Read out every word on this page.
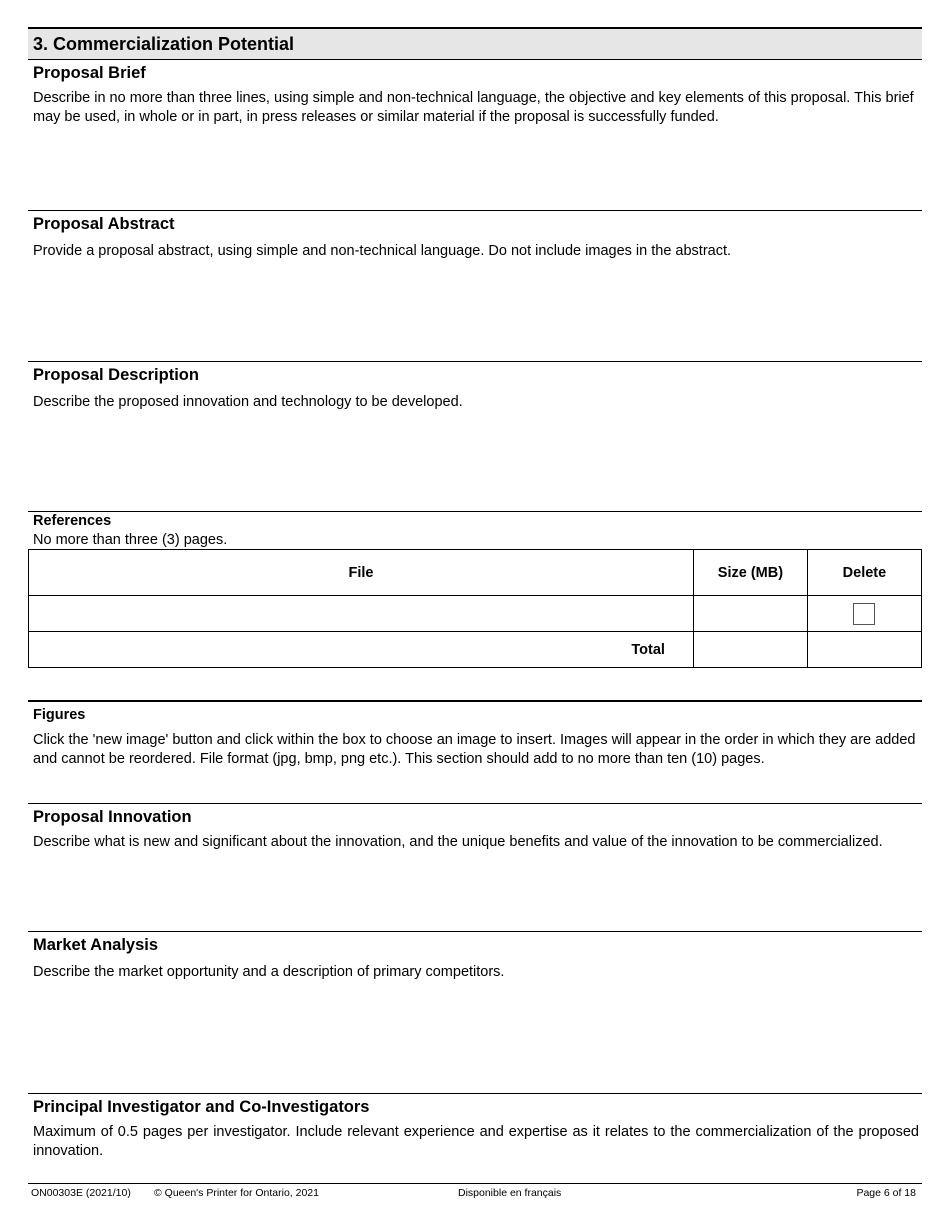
3. Commercialization Potential
Proposal Brief

Describe in no more than three lines, using simple and non-technical language, the objective and key elements of this proposal. This brief may be used, in whole or in part, in press releases or similar material if the proposal is successfully funded.

Proposal Abstract

Provide a proposal abstract, using simple and non-technical language. Do not include images in the abstract.

Proposal Description

Describe the proposed innovation and technology to be developed.

References

No more than three (3) pages.

File	Size (MB)	Delete

Total		
Figures

Click the 'new image' button and click within the box to choose an image to insert. Images will appear in the order in which they are added and cannot be reordered. File format (jpg, bmp, png etc.). This section should add to no more than ten (10) pages.

Proposal Innovation

Describe what is new and significant about the innovation, and the unique benefits and value of the innovation to be commercialized.

Market Analysis

Describe the market opportunity and a description of primary competitors.

Principal Investigator and Co-Investigators

Maximum of 0.5 pages per investigator. Include relevant experience and expertise as it relates to the commercialization of the proposed innovation.

ON00303E (2021/10) © Queen's Printer for Ontario, 2021	Disponible en français	Page 6 of 18
